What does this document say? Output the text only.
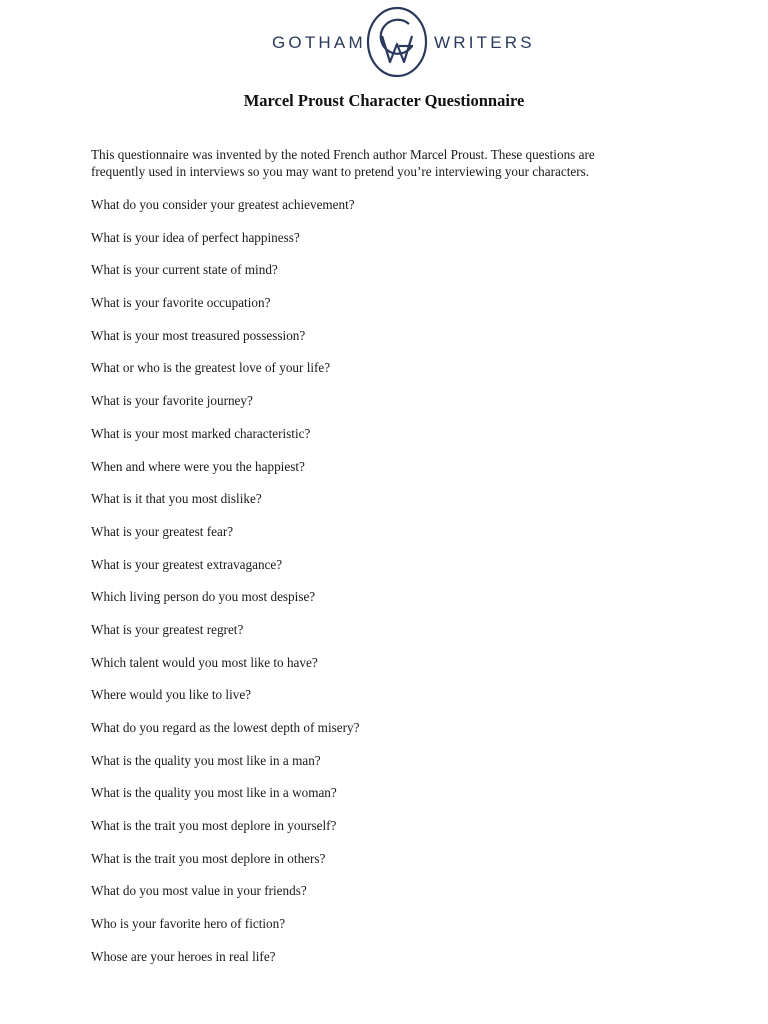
GOTHAM	WRITERS
Marcel Proust Character Questionnaire
This questionnaire was invented by the noted French author Marcel Proust. These questions are
frequently used in interviews so you may want to pretend you’re interviewing your characters.
What do you consider your greatest achievement?
What is your idea of perfect happiness?
What is your current state of mind?
What is your favorite occupation?
What is your most treasured possession?
What or who is the greatest love of your life?
What is your favorite journey?
What is your most marked characteristic?
When and where were you the happiest?
What is it that you most dislike?
What is your greatest fear?
What is your greatest extravagance?
Which living person do you most despise?
What is your greatest regret?
Which talent would you most like to have?
Where would you like to live?
What do you regard as the lowest depth of misery?
What is the quality you most like in a man?
What is the quality you most like in a woman?
What is the trait you most deplore in yourself?
What is the trait you most deplore in others?
What do you most value in your friends?
Who is your favorite hero of fiction?
Whose are your heroes in real life?
